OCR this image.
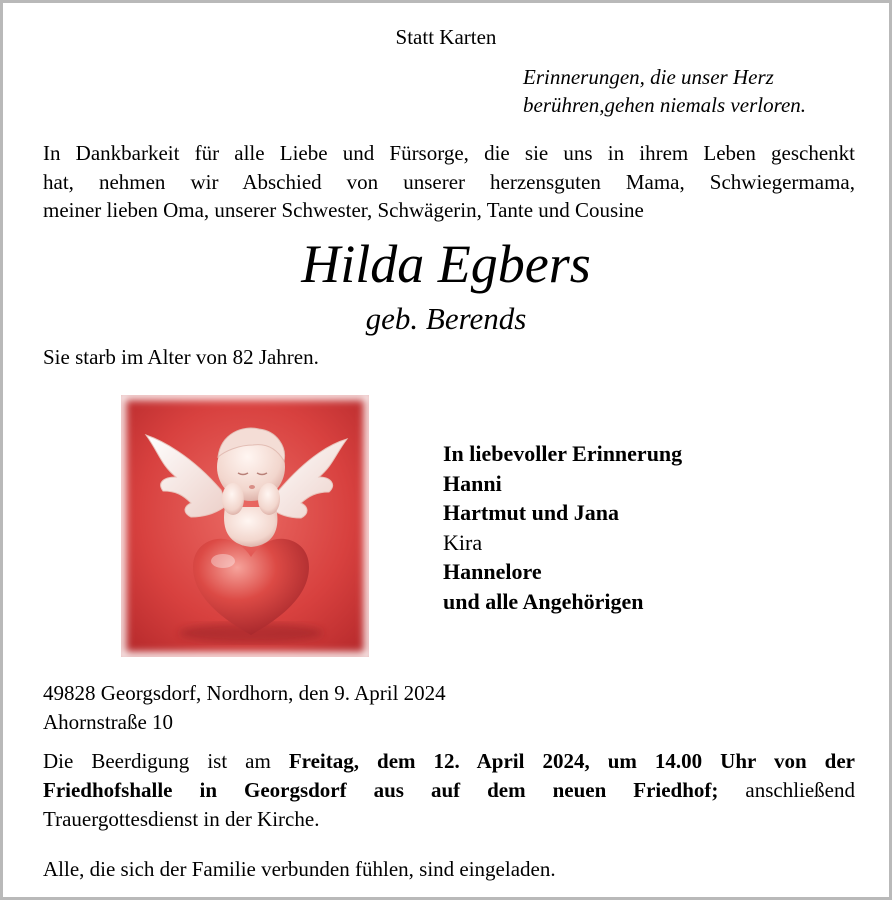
Statt Karten

Erinnerungen, die unser Herz

berühren,gehen niemals verloren.

In Dankbarkeit für alle Liebe und Fürsorge, die sie uns in ihrem Leben geschenkt
hat, nehmen wir Abschied von unserer herzensguten Mama, Schwiegermama,
meiner lieben Oma, unserer Schwester, Schwägerin, Tante und Cousine

Hilda Egbers

geb. Berends

Sie starb im Alter von 82 Jahren.

In liebevoller Erinnerung
Hanni
Hartmut und Jana
Kira
Hannelore
und alle Angehörigen

49828 Georgsdorf, Nordhorn, den 9. April 2024
Ahornstraße 10

Die Beerdigung ist am Freitag, dem 12. April 2024, um 14.00 Uhr von der
Friedhofshalle in Georgsdorf aus auf dem neuen Friedhof; anschließend
Trauergottesdienst in der Kirche.

Alle, die sich der Familie verbunden fühlen, sind eingeladen.
